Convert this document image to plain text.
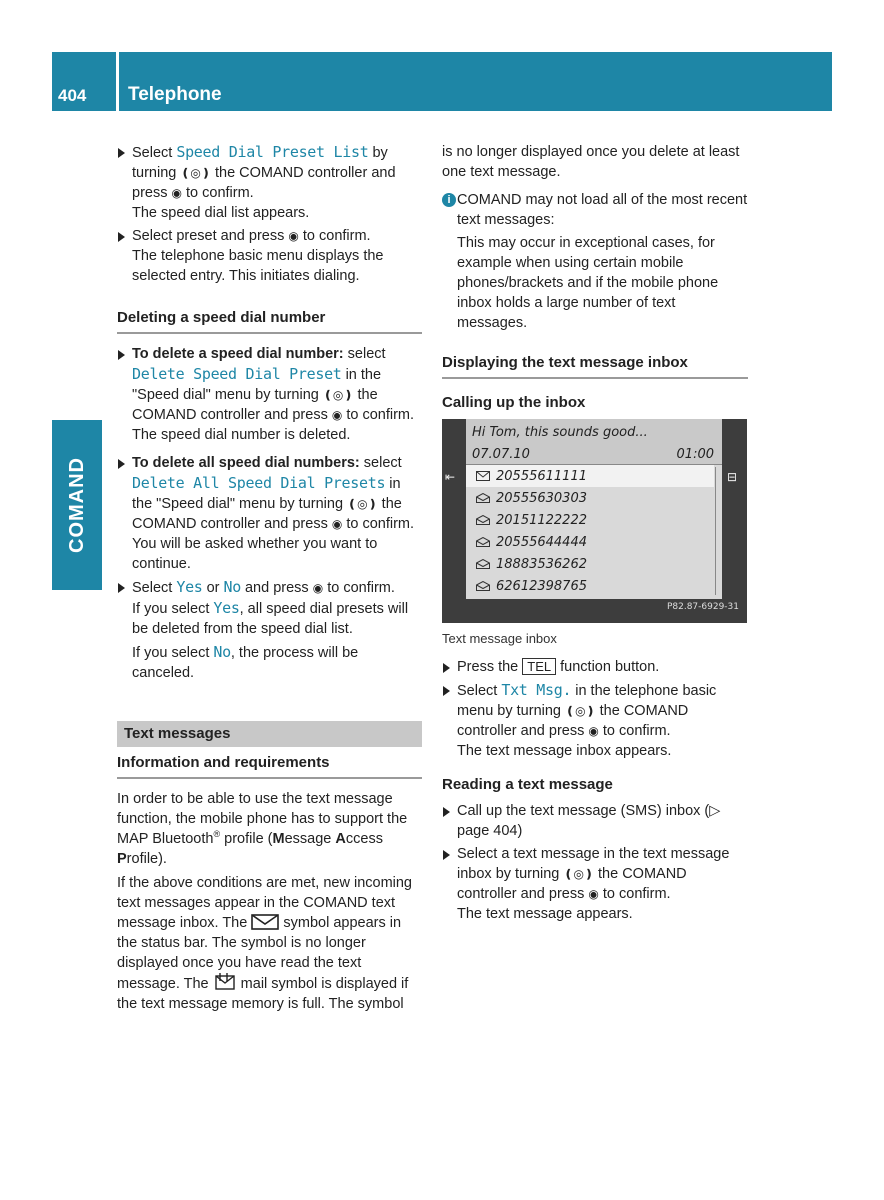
404 Telephone
COMAND

Select Speed Dial Preset List by turning ❪◎❫ the COMAND controller and press ◉ to confirm.

The speed dial list appears.

Select preset and press ◉ to confirm.

The telephone basic menu displays the selected entry. This initiates dialing.

Deleting a speed dial number

To delete a speed dial number: select Delete Speed Dial Preset in the "Speed dial" menu by turning ❪◎❫ the COMAND controller and press ◉ to confirm.

The speed dial number is deleted.

To delete all speed dial numbers: select Delete All Speed Dial Presets in the "Speed dial" menu by turning ❪◎❫ the COMAND controller and press ◉ to confirm.

You will be asked whether you want to continue.

Select Yes or No and press ◉ to confirm.

If you select Yes, all speed dial presets will be deleted from the speed dial list.

If you select No, the process will be canceled.

Text messages
Information and requirements

In order to be able to use the text message function, the mobile phone has to support the MAP Bluetooth® profile (Message Access Profile).

If the above conditions are met, new incoming text messages appear in the COMAND text message inbox. The  symbol appears in the status bar. The symbol is no longer displayed once you have read the text message. The  mail symbol is displayed if the text message memory is full. The symbol

is no longer displayed once you delete at least one text message.

i COMAND may not load all of the most recent text messages:

This may occur in exceptional cases, for example when using certain mobile phones/brackets and if the mobile phone inbox holds a large number of text messages.

Displaying the text message inbox
Calling up the inbox
Hi Tom, this sounds good...
07.07.10	01:00
20555611111
20555630303
20151122222
20555644444
18883536262
62612398765
⇤	⊟
P82.87-6929-31
Text message inbox

Press the TEL function button.

Select Txt Msg. in the telephone basic menu by turning ❪◎❫ the COMAND controller and press ◉ to confirm.

The text message inbox appears.

Reading a text message

Call up the text message (SMS) inbox (▷ page 404)

Select a text message in the text message inbox by turning ❪◎❫ the COMAND controller and press ◉ to confirm.

The text message appears.
